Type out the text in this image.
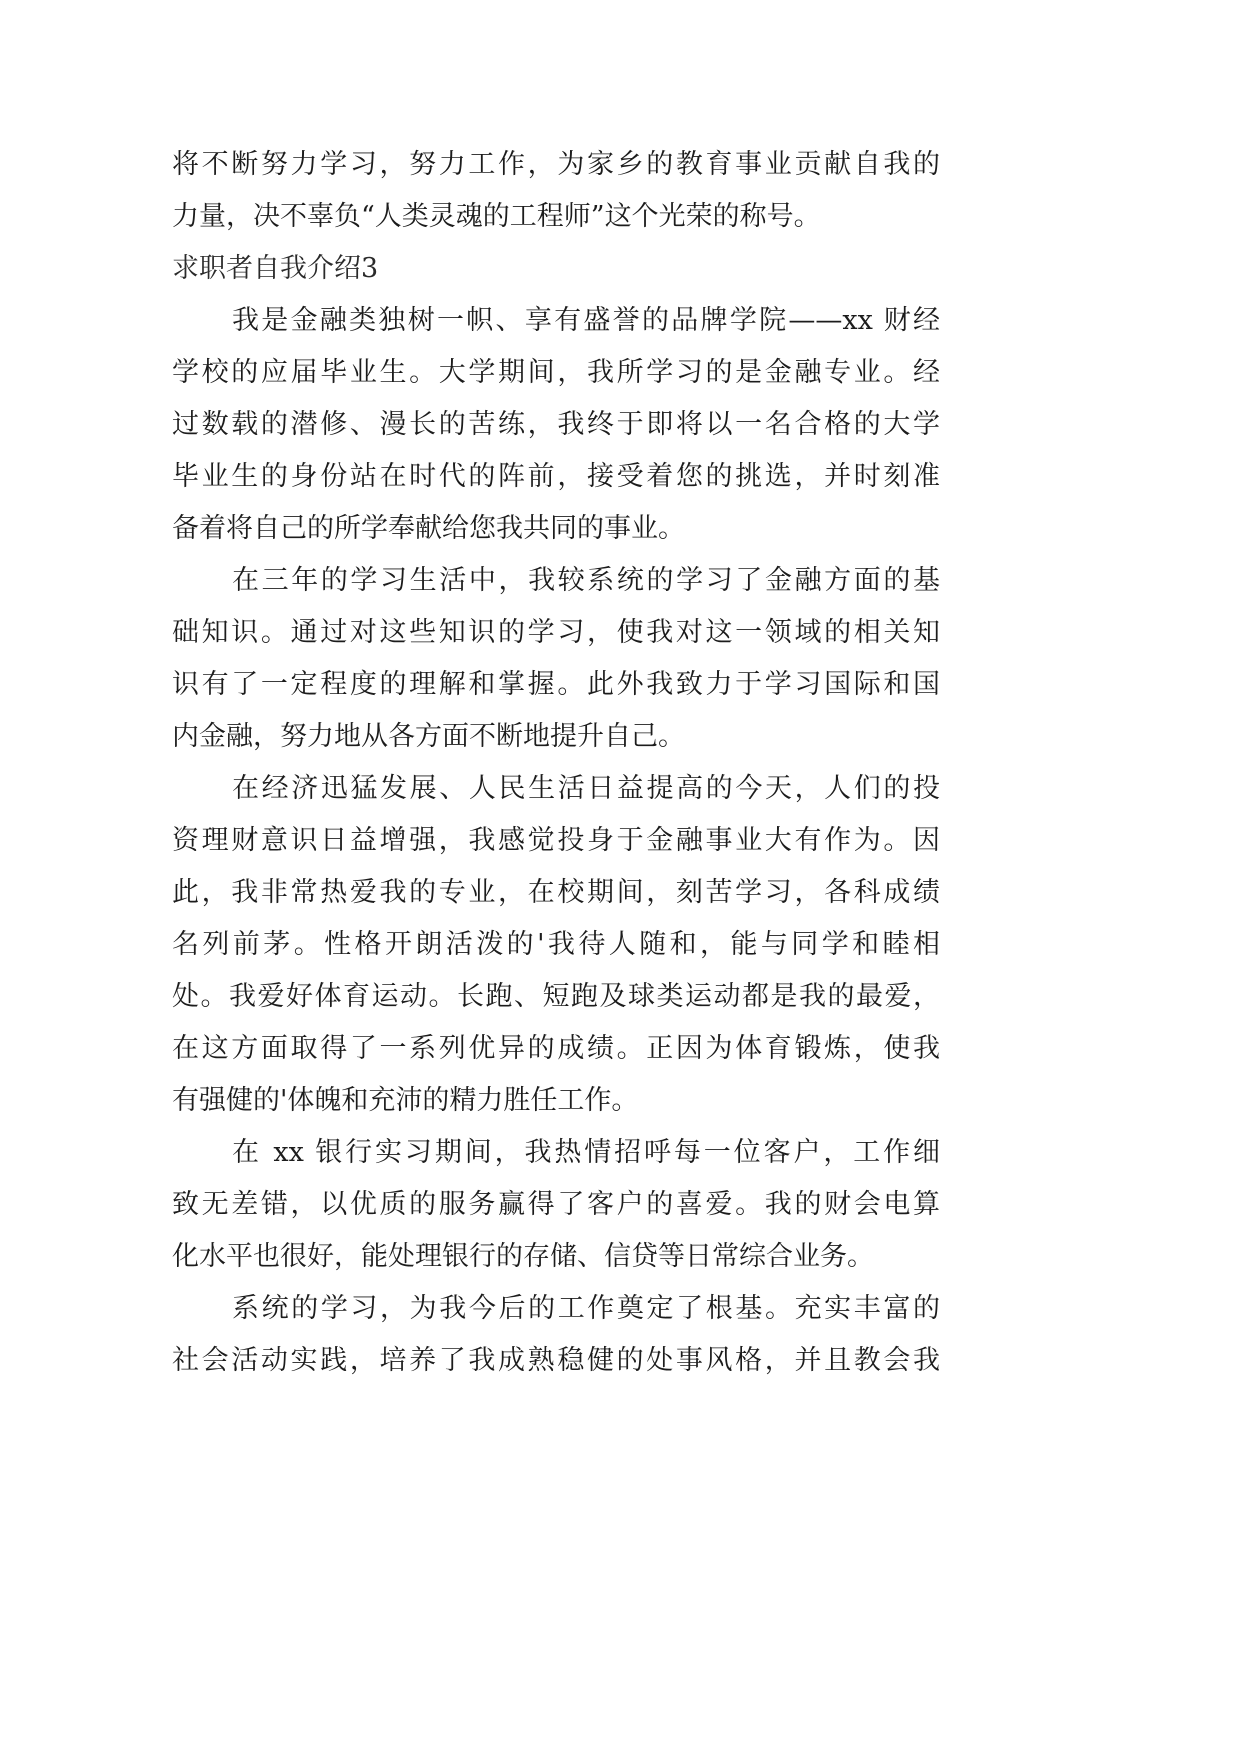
将不断努力学习，努力工作，为家乡的教育事业贡献自我的
力量，决不辜负“人类灵魂的工程师”这个光荣的称号。
求职者自我介绍3
我是金融类独树一帜、享有盛誉的品牌学院——xx 财经
学校的应届毕业生。大学期间，我所学习的是金融专业。经
过数载的潜修、漫长的苦练，我终于即将以一名合格的大学
毕业生的身份站在时代的阵前，接受着您的挑选，并时刻准
备着将自己的所学奉献给您我共同的事业。
在三年的学习生活中，我较系统的学习了金融方面的基
础知识。通过对这些知识的学习，使我对这一领域的相关知
识有了一定程度的理解和掌握。此外我致力于学习国际和国
内金融，努力地从各方面不断地提升自己。
在经济迅猛发展、人民生活日益提高的今天，人们的投
资理财意识日益增强，我感觉投身于金融事业大有作为。因
此，我非常热爱我的专业，在校期间，刻苦学习，各科成绩
名列前茅。性格开朗活泼的'我待人随和，能与同学和睦相
处。我爱好体育运动。长跑、短跑及球类运动都是我的最爱，
在这方面取得了一系列优异的成绩。正因为体育锻炼，使我
有强健的'体魄和充沛的精力胜任工作。
在 xx 银行实习期间，我热情招呼每一位客户，工作细
致无差错，以优质的服务赢得了客户的喜爱。我的财会电算
化水平也很好，能处理银行的存储、信贷等日常综合业务。
系统的学习，为我今后的工作奠定了根基。充实丰富的
社会活动实践，培养了我成熟稳健的处事风格，并且教会我
